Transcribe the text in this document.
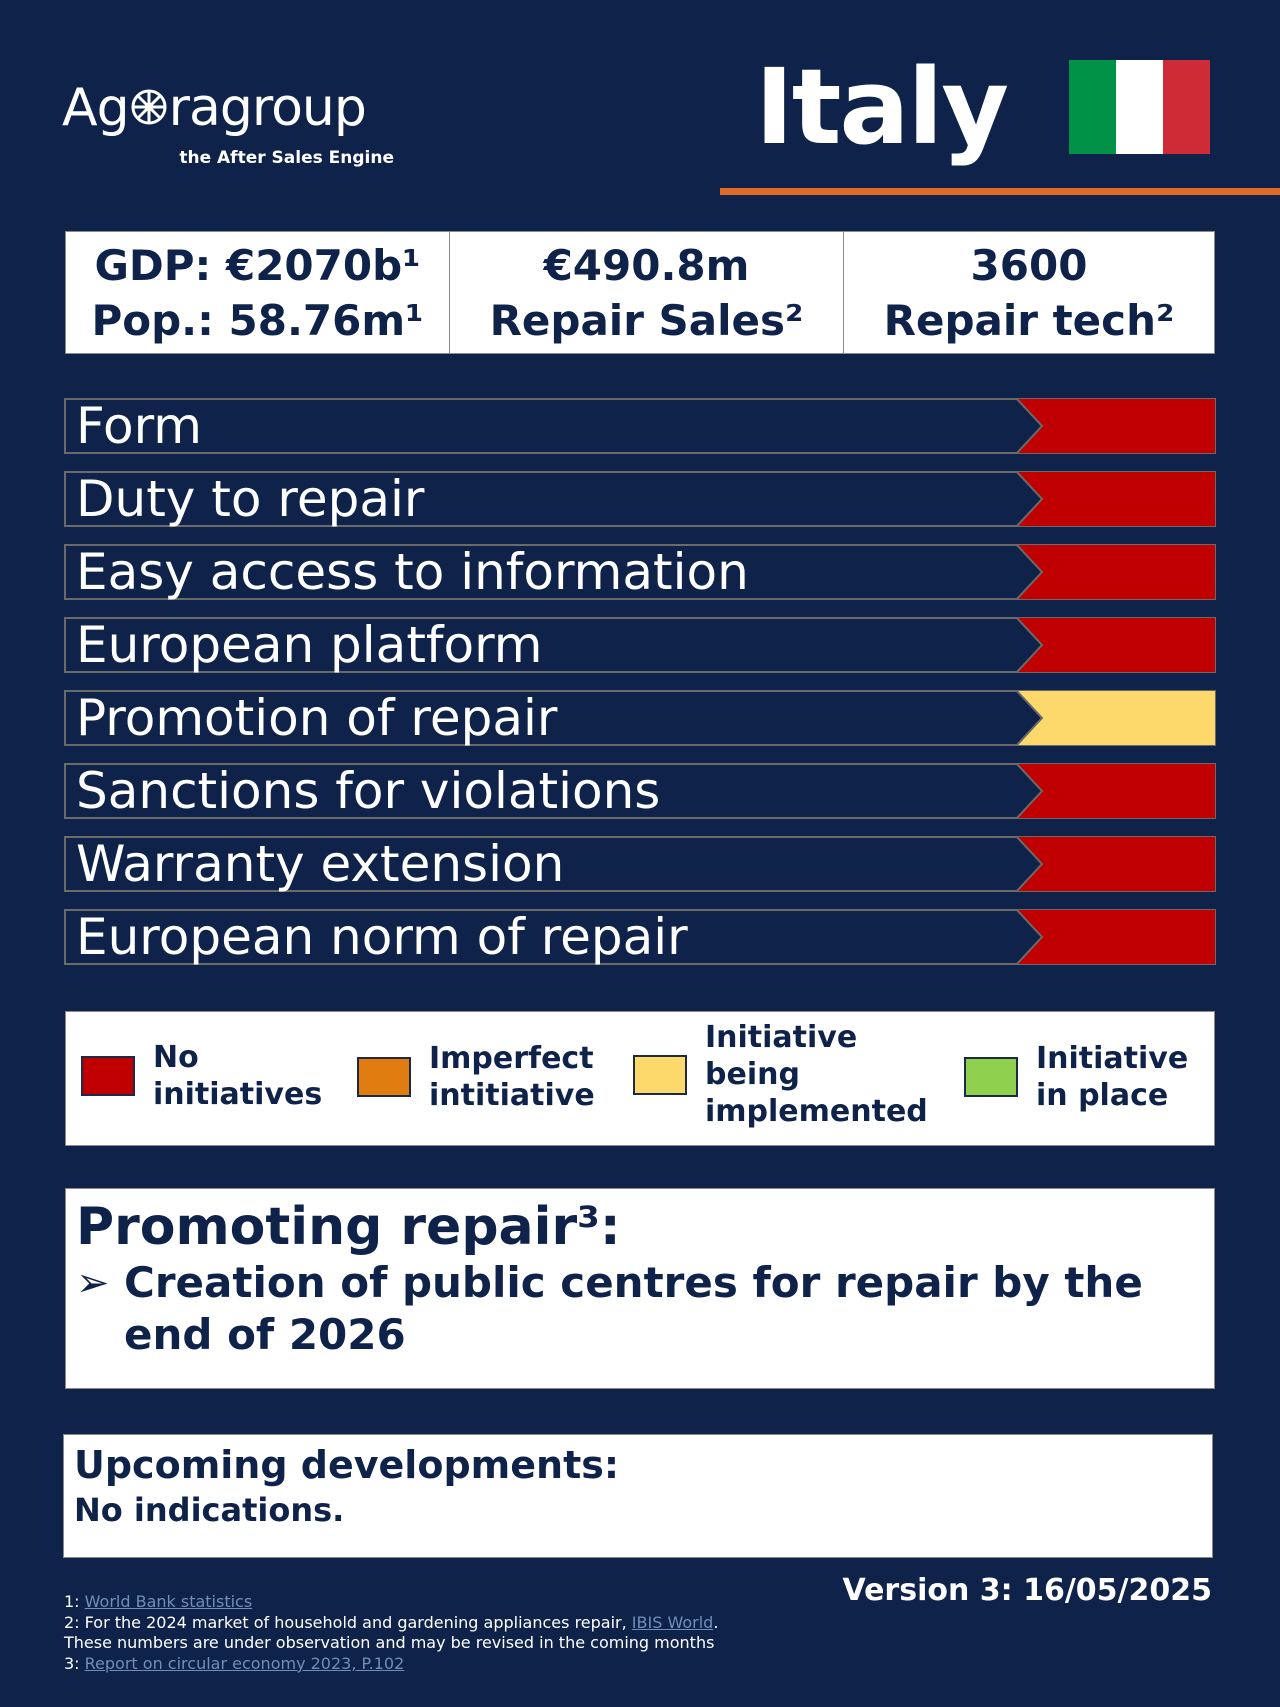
Ag ragroup
the After Sales Engine	Italy
GDP: €2070b¹
Pop.: 58.76m¹
€490.8m
Repair Sales²
3600
Repair tech²
Form
Duty to repair
Easy access to information
European platform
Promotion of repair
Sanctions for violations
Warranty extension
European norm of repair
No
initiatives
Imperfect
intitiative
Initiative
being
implemented
Initiative
in place
Promoting repair³:
➢ Creation of public centres for repair by the end of 2026
Upcoming developments:
No indications.
Version 3: 16/05/2025
1: World Bank statistics
2: For the 2024 market of household and gardening appliances repair, IBIS World.
These numbers are under observation and may be revised in the coming months
3: Report on circular economy 2023, P.102
